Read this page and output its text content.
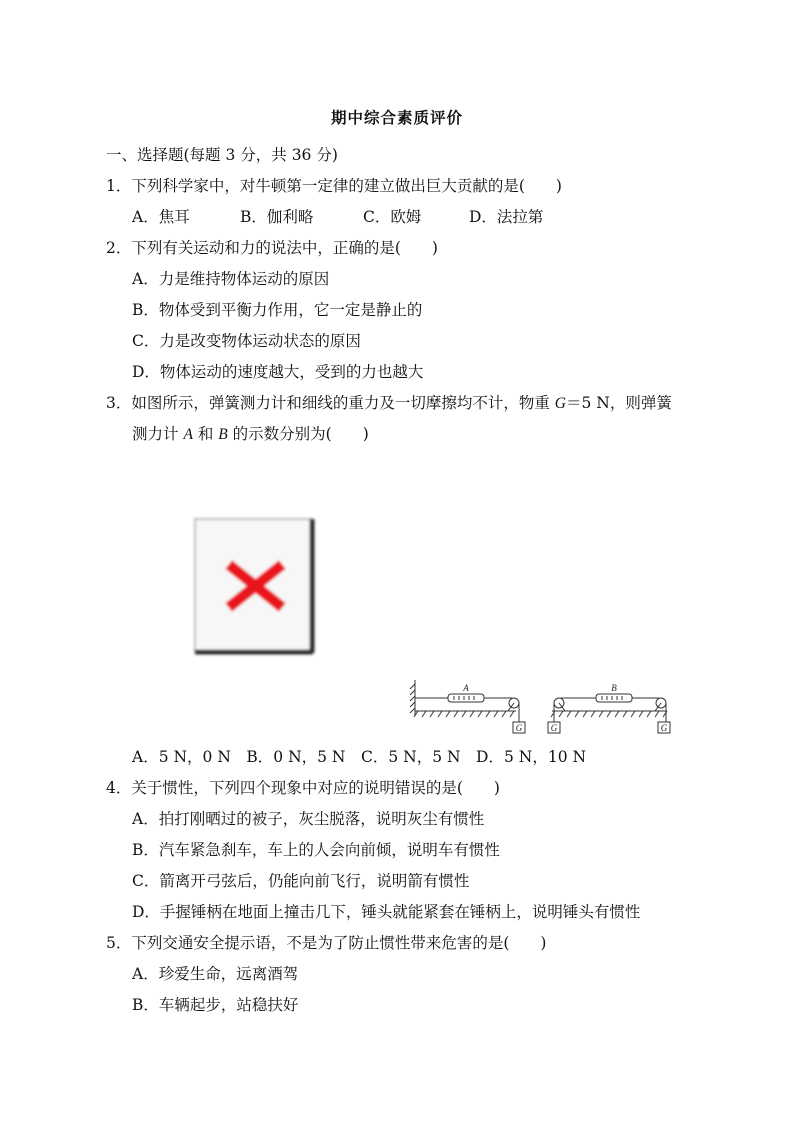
期中综合素质评价
一、选择题(每题 3 分，共 36 分)
1．下列科学家中，对牛顿第一定律的建立做出巨大贡献的是(　　)
A．焦耳	B．伽利略	C．欧姆	D．法拉第
2．下列有关运动和力的说法中，正确的是(　　)
A．力是维持物体运动的原因
B．物体受到平衡力作用，它一定是静止的
C．力是改变物体运动状态的原因
D．物体运动的速度越大，受到的力也越大
3．如图所示，弹簧测力计和细线的重力及一切摩擦均不计，物重 G＝5 N，则弹簧
测力计 A 和 B 的示数分别为(　　)
A	B
G	G	G
A．5 N，0 N　B．0 N，5 N　C．5 N，5 N　D．5 N，10 N
4．关于惯性，下列四个现象中对应的说明错误的是(　　)
A．拍打刚晒过的被子，灰尘脱落，说明灰尘有惯性
B．汽车紧急刹车，车上的人会向前倾，说明车有惯性
C．箭离开弓弦后，仍能向前飞行，说明箭有惯性
D．手握锤柄在地面上撞击几下，锤头就能紧套在锤柄上，说明锤头有惯性
5．下列交通安全提示语，不是为了防止惯性带来危害的是(　　)
A．珍爱生命，远离酒驾
B．车辆起步，站稳扶好
